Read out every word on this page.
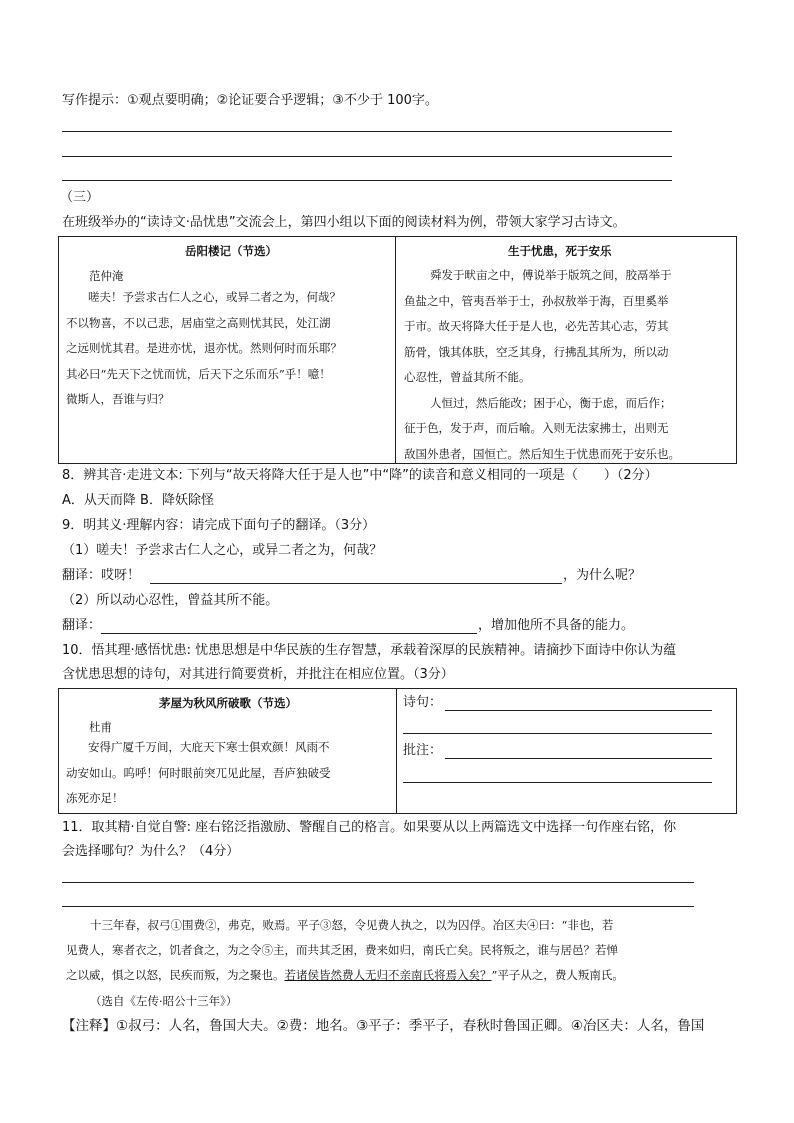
写作提示：①观点要明确；②论证要合乎逻辑；③不少于 100字。
（三）
在班级举办的“读诗文·品忧患”交流会上，第四小组以下面的阅读材料为例，带领大家学习古诗文。
岳阳楼记（节选）
范仲淹
嗟夫！予尝求古仁人之心，或异二者之为，何哉？
不以物喜，不以己悲，居庙堂之高则忧其民，处江湖
之远则忧其君。是进亦忧，退亦忧。然则何时而乐耶？
其必曰“先天下之忧而忧，后天下之乐而乐”乎！噫！
微斯人，吾谁与归？
生于忧患，死于安乐
舜发于畎亩之中，傅说举于版筑之间，胶鬲举于
鱼盐之中，管夷吾举于士，孙叔敖举于海，百里奚举
于市。故天将降大任于是人也，必先苦其心志，劳其
筋骨，饿其体肤，空乏其身，行拂乱其所为，所以动
心忍性，曾益其所不能。
人恒过，然后能改；困于心，衡于虑，而后作；
征于色，发于声，而后喻。入则无法家拂士，出则无
敌国外患者，国恒亡。然后知生于忧患而死于安乐也。
8．辨其音·走进文本: 下列与“故天将降大任于是人也”中“降”的读音和意义相同的一项是（　　）（2分）
A．从天而降 B．降妖除怪
9．明其义·理解内容：请完成下面句子的翻译。（3分）
（1）嗟夫！予尝求古仁人之心，或异二者之为，何哉？
翻译：哎呀！	，为什么呢？
（2）所以动心忍性，曾益其所不能。
翻译：	，增加他所不具备的能力。
10．悟其理·感悟忧患: 忧患思想是中华民族的生存智慧，承载着深厚的民族精神。请摘抄下面诗中你认为蕴
含忧患思想的诗句，对其进行简要赏析，并批注在相应位置。（3分）
茅屋为秋风所破歌（节选）
杜甫
安得广厦千万间，大庇天下寒士俱欢颜！风雨不
动安如山。呜呼！何时眼前突兀见此屋，吾庐独破受
冻死亦足！
诗句：
批注：
11．取其精·自觉自警: 座右铭泛指激励、警醒自己的格言。如果要从以上两篇选文中选择一句作座右铭，你
会选择哪句？为什么？（4分）
十三年春，叔弓①围费②，弗克，败焉。平子③怒，令见费人执之，以为囚俘。冶区夫④曰：“非也，若
见费人，寒者衣之，饥者食之，为之令⑤主，而共其乏困，费来如归，南氏亡矣。民将叛之，谁与居邑？若惮
之以威，惧之以怒，民疾而叛，为之聚也。若诸侯皆然费人无归不亲南氏将焉入矣？”平子从之，费人叛南氏。
（选自《左传·昭公十三年》）
【注释】①叔弓：人名，鲁国大夫。②费：地名。③平子：季平子，春秋时鲁国正卿。④冶区夫：人名，鲁国
